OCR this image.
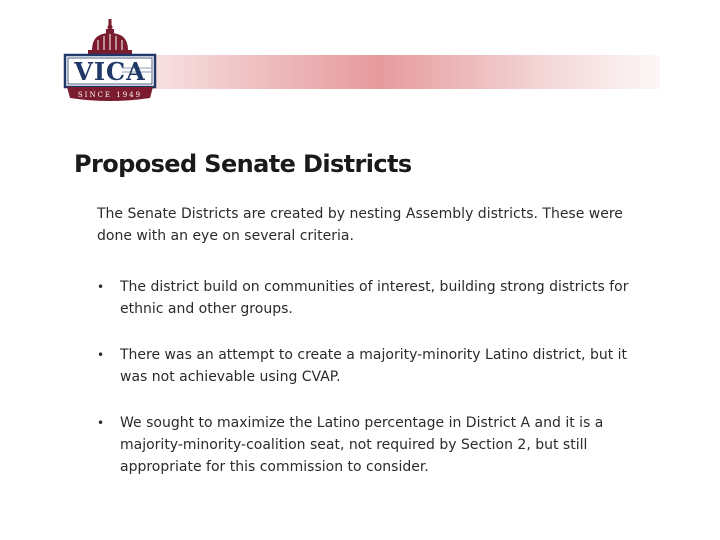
VICA
SINCE 1949
Proposed Senate Districts

The Senate Districts are created by nesting Assembly districts. These were done with an eye on several criteria.

• The district build on communities of interest, building strong districts for ethnic and other groups.
• There was an attempt to create a majority-minority Latino district, but it was not achievable using CVAP.
• We sought to maximize the Latino percentage in District A and it is a majority-minority-coalition seat, not required by Section 2, but still appropriate for this commission to consider.
